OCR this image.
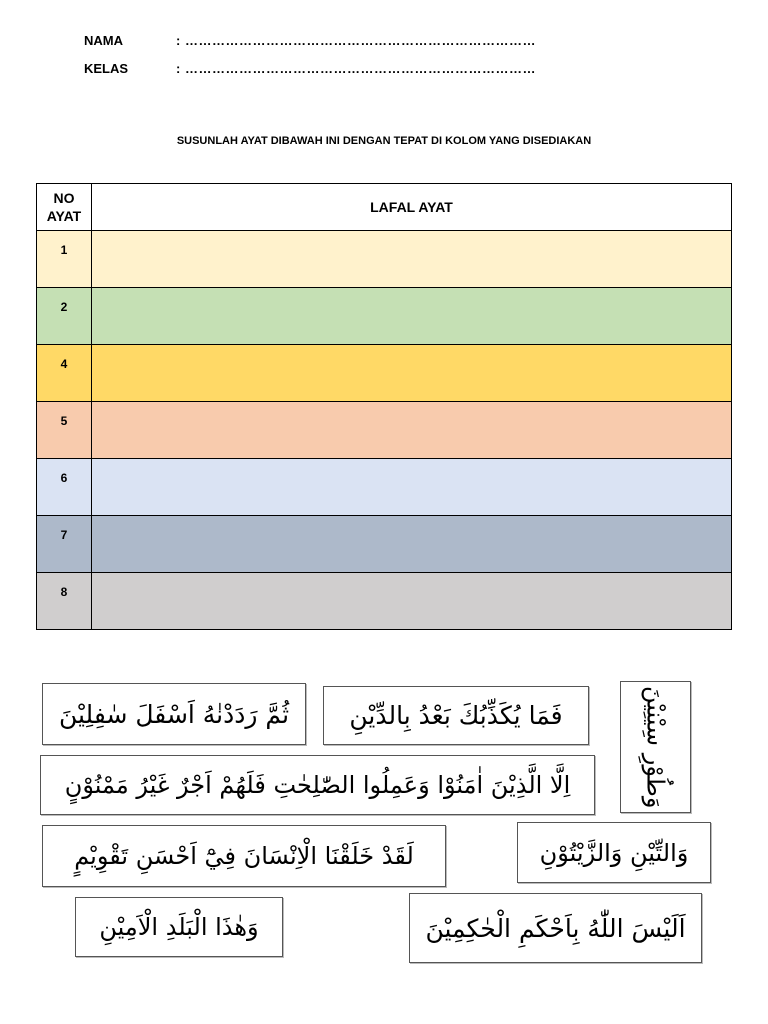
NAMA	: ……………………………………………………………………
KELAS	: ……………………………………………………………………
SUSUNLAH AYAT DIBAWAH INI DENGAN TEPAT DI KOLOM YANG DISEDIAKAN
NO
AYAT	LAFAL AYAT
1	
2	
4	
5	
6	
7	
8	
ثُمَّ رَدَدْنٰهُ اَسْفَلَ سٰفِلِيْنَ	فَمَا يُكَذِّبُكَ بَعْدُ بِالدِّيْنِ	وَطُوْرِ سِيْنِيْنَ
اِلَّا الَّذِيْنَ اٰمَنُوْا وَعَمِلُوا الصّٰلِحٰتِ فَلَهُمْ اَجْرٌ غَيْرُ مَمْنُوْنٍ
لَقَدْ خَلَقْنَا الْاِنْسَانَ فِيْٓ اَحْسَنِ تَقْوِيْمٍ	وَالتِّيْنِ وَالزَّيْتُوْنِ
وَهٰذَا الْبَلَدِ الْاَمِيْنِ	اَلَيْسَ اللّٰهُ بِاَحْكَمِ الْحٰكِمِيْنَ
